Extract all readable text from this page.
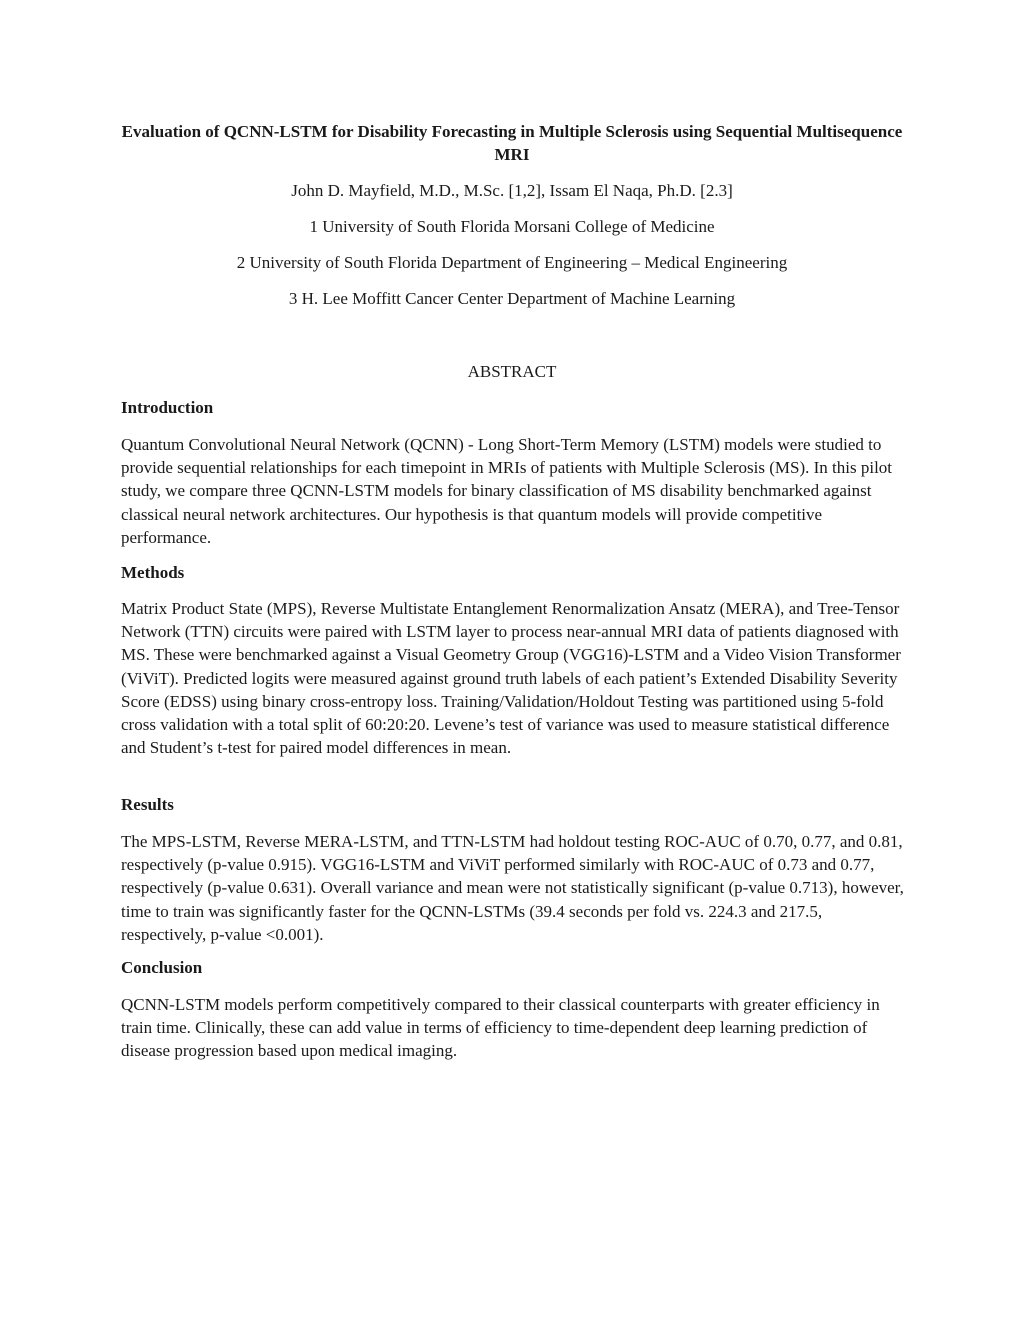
Evaluation of QCNN-LSTM for Disability Forecasting in Multiple Sclerosis using Sequential Multisequence MRI
John D. Mayfield, M.D., M.Sc. [1,2], Issam El Naqa, Ph.D. [2.3]
1 University of South Florida Morsani College of Medicine
2 University of South Florida Department of Engineering – Medical Engineering
3 H. Lee Moffitt Cancer Center Department of Machine Learning
ABSTRACT
Introduction
Quantum Convolutional Neural Network (QCNN) - Long Short-Term Memory (LSTM) models were studied to provide sequential relationships for each timepoint in MRIs of patients with Multiple Sclerosis (MS). In this pilot study, we compare three QCNN-LSTM models for binary classification of MS disability benchmarked against classical neural network architectures. Our hypothesis is that quantum models will provide competitive performance.
Methods
Matrix Product State (MPS), Reverse Multistate Entanglement Renormalization Ansatz (MERA), and Tree-Tensor Network (TTN) circuits were paired with LSTM layer to process near-annual MRI data of patients diagnosed with MS. These were benchmarked against a Visual Geometry Group (VGG16)-LSTM and a Video Vision Transformer (ViViT). Predicted logits were measured against ground truth labels of each patient’s Extended Disability Severity Score (EDSS) using binary cross-entropy loss. Training/Validation/Holdout Testing was partitioned using 5-fold cross validation with a total split of 60:20:20. Levene’s test of variance was used to measure statistical difference and Student’s t-test for paired model differences in mean.
Results
The MPS-LSTM, Reverse MERA-LSTM, and TTN-LSTM had holdout testing ROC-AUC of 0.70, 0.77, and 0.81, respectively (p-value 0.915). VGG16-LSTM and ViViT performed similarly with ROC-AUC of 0.73 and 0.77, respectively (p-value 0.631). Overall variance and mean were not statistically significant (p-value 0.713), however, time to train was significantly faster for the QCNN-LSTMs (39.4 seconds per fold vs. 224.3 and 217.5, respectively, p-value <0.001).
Conclusion
QCNN-LSTM models perform competitively compared to their classical counterparts with greater efficiency in train time. Clinically, these can add value in terms of efficiency to time-dependent deep learning prediction of disease progression based upon medical imaging.
